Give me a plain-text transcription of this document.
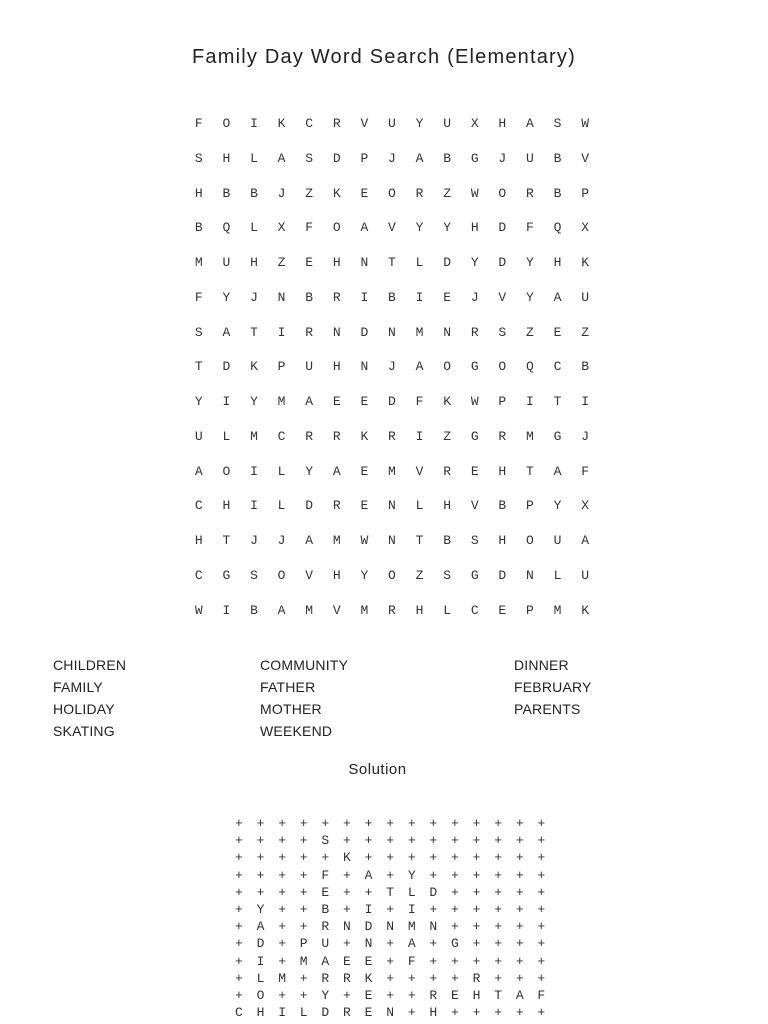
Family Day Word Search (Elementary)
F	O	I	K	C	R	V	U	Y	U	X	H	A	S	W
S	H	L	A	S	D	P	J	A	B	G	J	U	B	V
H	B	B	J	Z	K	E	O	R	Z	W	O	R	B	P
B	Q	L	X	F	O	A	V	Y	Y	H	D	F	Q	X
M	U	H	Z	E	H	N	T	L	D	Y	D	Y	H	K
F	Y	J	N	B	R	I	B	I	E	J	V	Y	A	U
S	A	T	I	R	N	D	N	M	N	R	S	Z	E	Z
T	D	K	P	U	H	N	J	A	O	G	O	Q	C	B
Y	I	Y	M	A	E	E	D	F	K	W	P	I	T	I
U	L	M	C	R	R	K	R	I	Z	G	R	M	G	J
A	O	I	L	Y	A	E	M	V	R	E	H	T	A	F
C	H	I	L	D	R	E	N	L	H	V	B	P	Y	X
H	T	J	J	A	M	W	N	T	B	S	H	O	U	A
C	G	S	O	V	H	Y	O	Z	S	G	D	N	L	U
W	I	B	A	M	V	M	R	H	L	C	E	P	M	K
CHILDREN
FAMILY
HOLIDAY
SKATING
COMMUNITY
FATHER
MOTHER
WEEKEND
DINNER
FEBRUARY
PARENTS
Solution
+ + + + + + + + + + + + + + +
+ + + + S + + + + + + + + + +
+ + + + + K + + + + + + + + +
+ + + + F + A + Y + + + + + +
+ + + + E + + T L D + + + + +
+ Y + + B + I + I + + + + + +
+ A + + R N D N M N + + + + +
+ D + P U + N + A + G + + + +
+ I + M A E E + F + + + + + +
+ L M + R R K + + + + R + + +
+ O + + Y + E + + R E H T A F
C H I L D R E N + H + + + + +
